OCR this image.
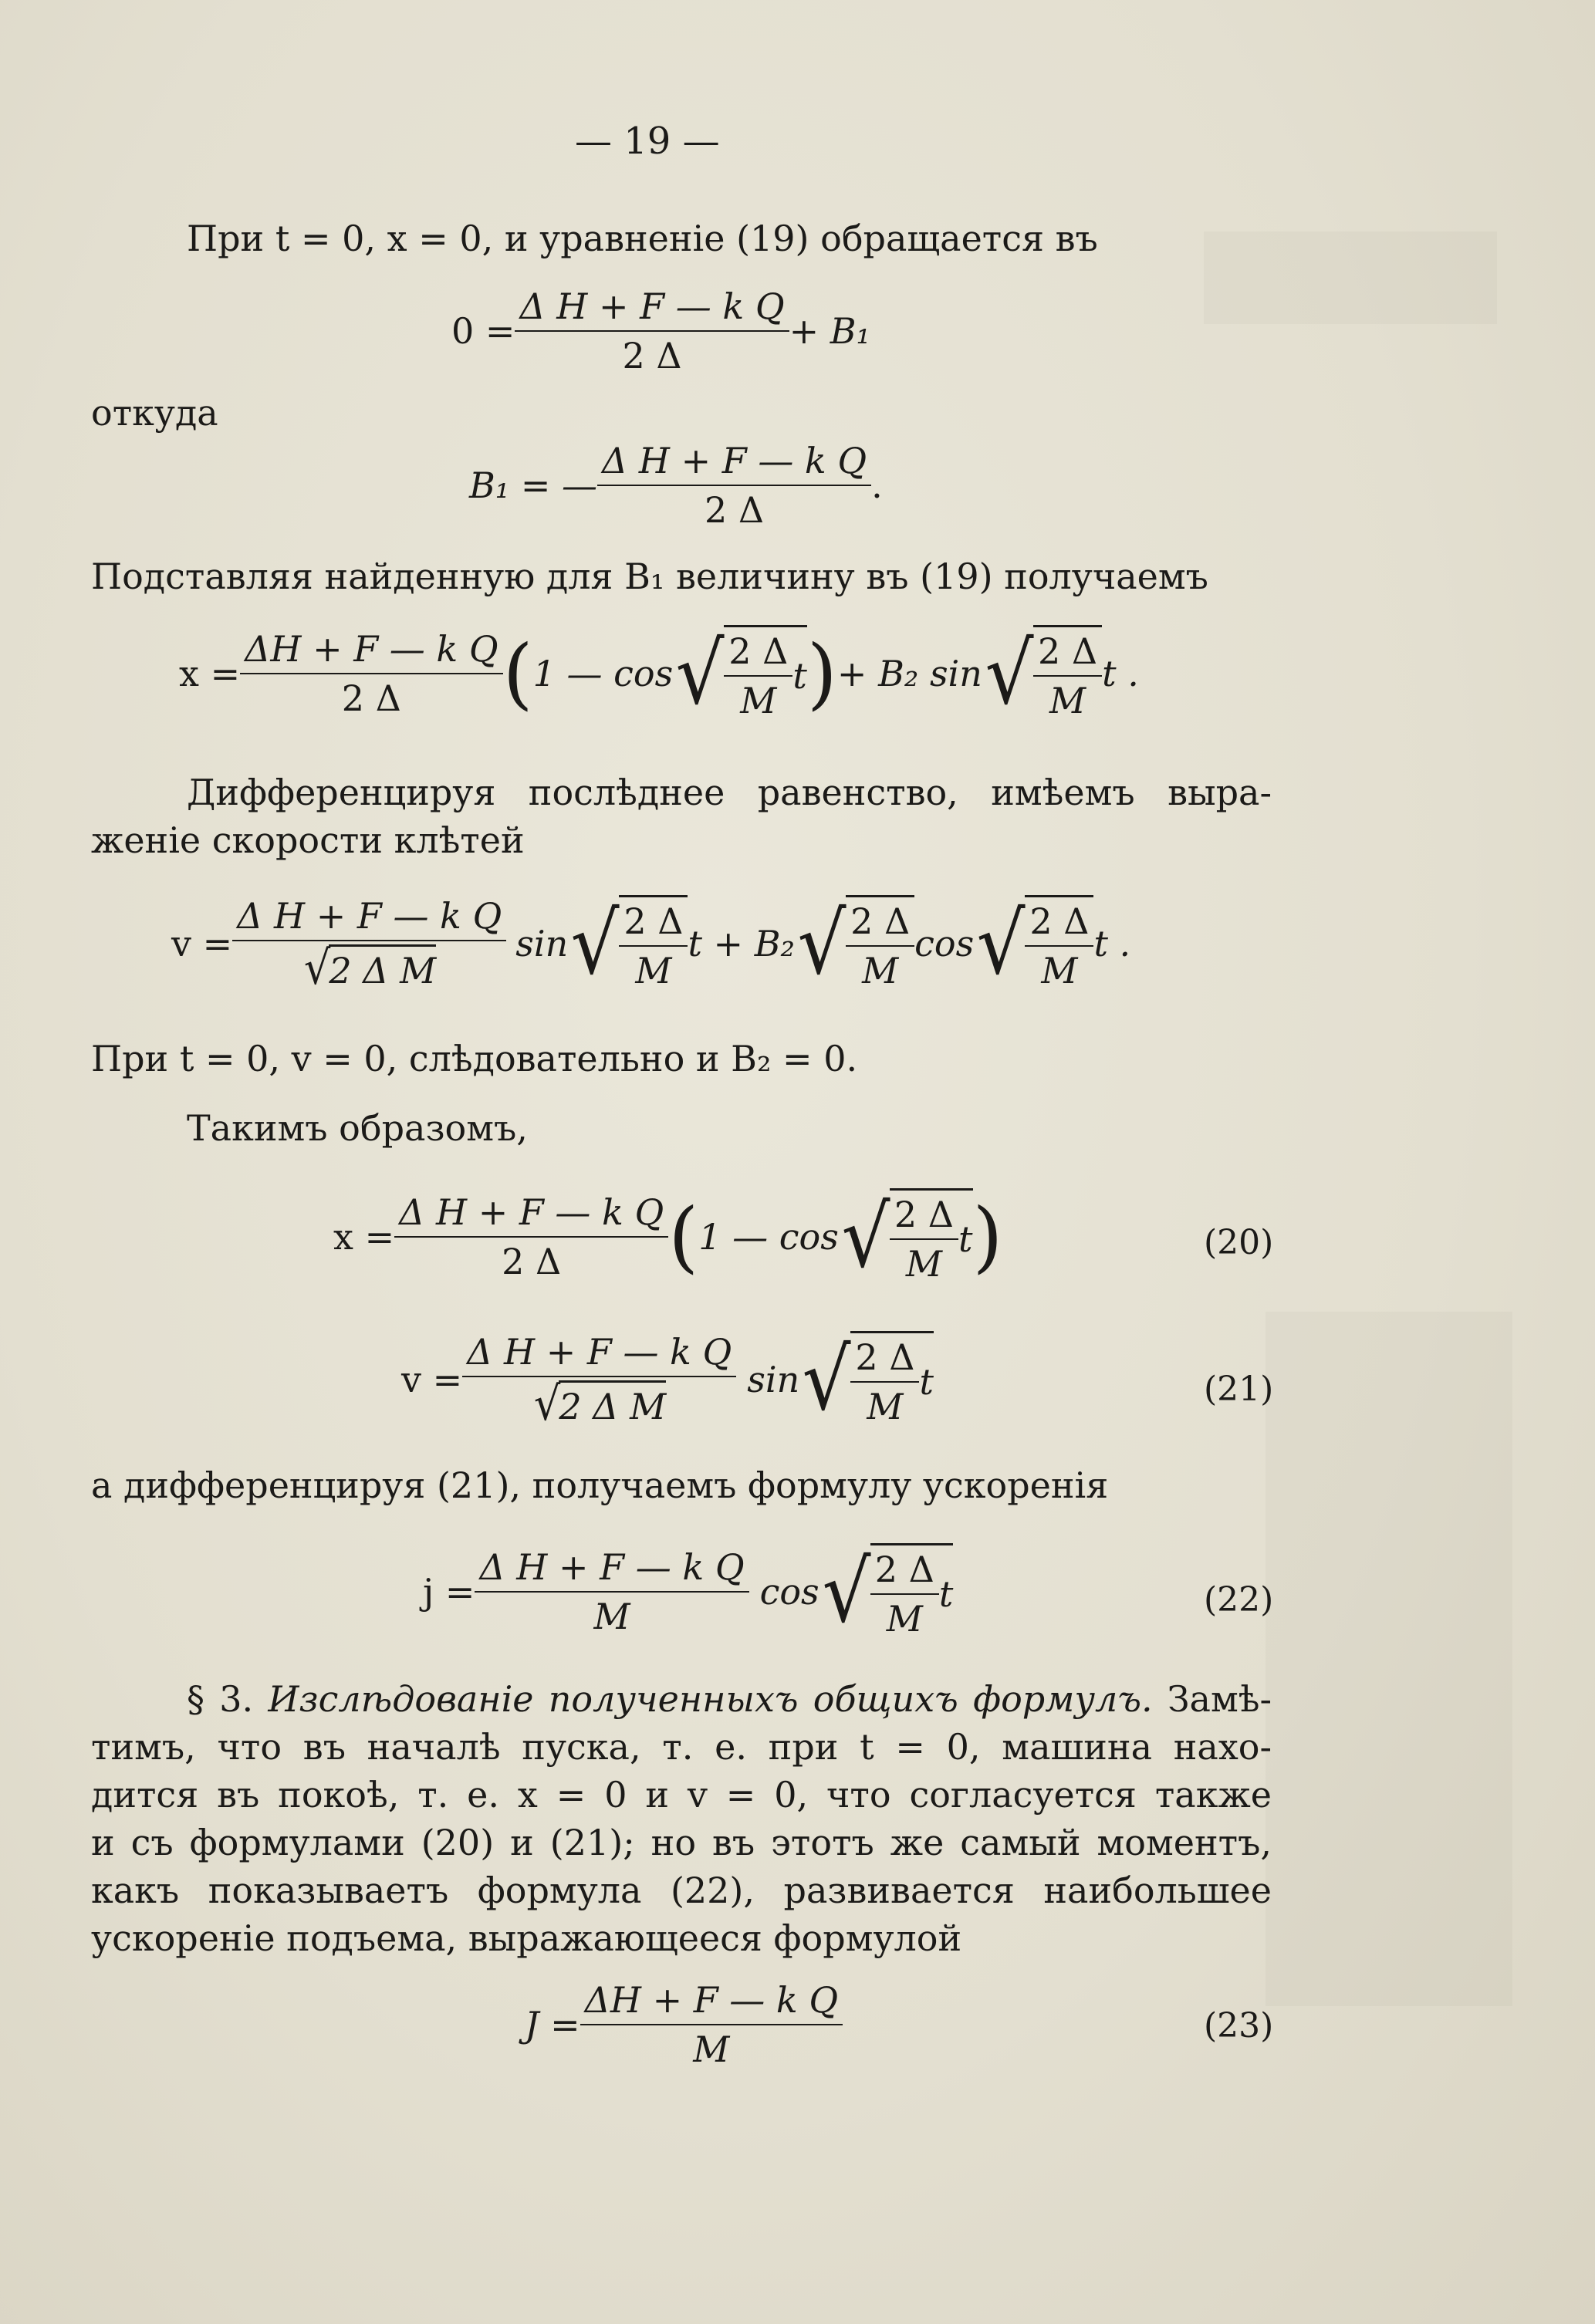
— 19 —
При t = 0, x = 0, и уравненіе (19) обращается въ
$0 = \frac{\text{Δ H + F — k Q}}{2 \Delta} + B_1$
откуда
B₁ = — $\frac{\text{Δ H + F — k Q}}{2 \Delta}$ .
Подставляя найденную для B₁ величину въ (19) получаемъ
$x = \frac{\text{ΔH + F — k Q}}{2 \Delta}$ ( 1 — cos √ $\frac{2 \Delta}{M}$ t ) + B₂ sin √ $\frac{2 \Delta}{M}$ t .
Дифференцируя послѣднее равенство, имѣемъ выра-
женіе скорости клѣтей
v = Δ H + F — k Q
√
2 Δ M sin √ $\frac{2 \Delta}{M}$ t + B₂ √ $\frac{2 \Delta}{M}$ cos √ $\frac{2 \Delta}{M}$ t .
При t = 0, v = 0, слѣдовательно и B₂ = 0.
Такимъ образомъ,
$x = \frac{\text{Δ H + F — k Q}}{2 \Delta}$ ( 1 — cos √ $\frac{2 \Delta}{M}$ t )	(20)
v = Δ H + F — k Q
√
2 Δ M sin √ $\frac{2 \Delta}{M}$ t	(21)
а дифференцируя (21), получаемъ формулу ускоренія
$j = \frac{\text{Δ H + F — k Q}}{M}$ cos √ $\frac{2 \Delta}{M}$ t	(22)
§ 3. Изслѣдованіе полученныхъ общихъ формулъ. Замѣ-
тимъ, что въ началѣ пуска, т. е. при t = 0, машина нахо-
дится въ покоѣ, т. е. x = 0 и v = 0, что согласуется также
и съ формулами (20) и (21); но въ этотъ же самый моментъ,
какъ показываетъ формула (22), развивается наибольшее
ускореніе подъема, выражающееся формулой
$J = \frac{\text{ΔH + F — k Q}}{M}$	(23)
